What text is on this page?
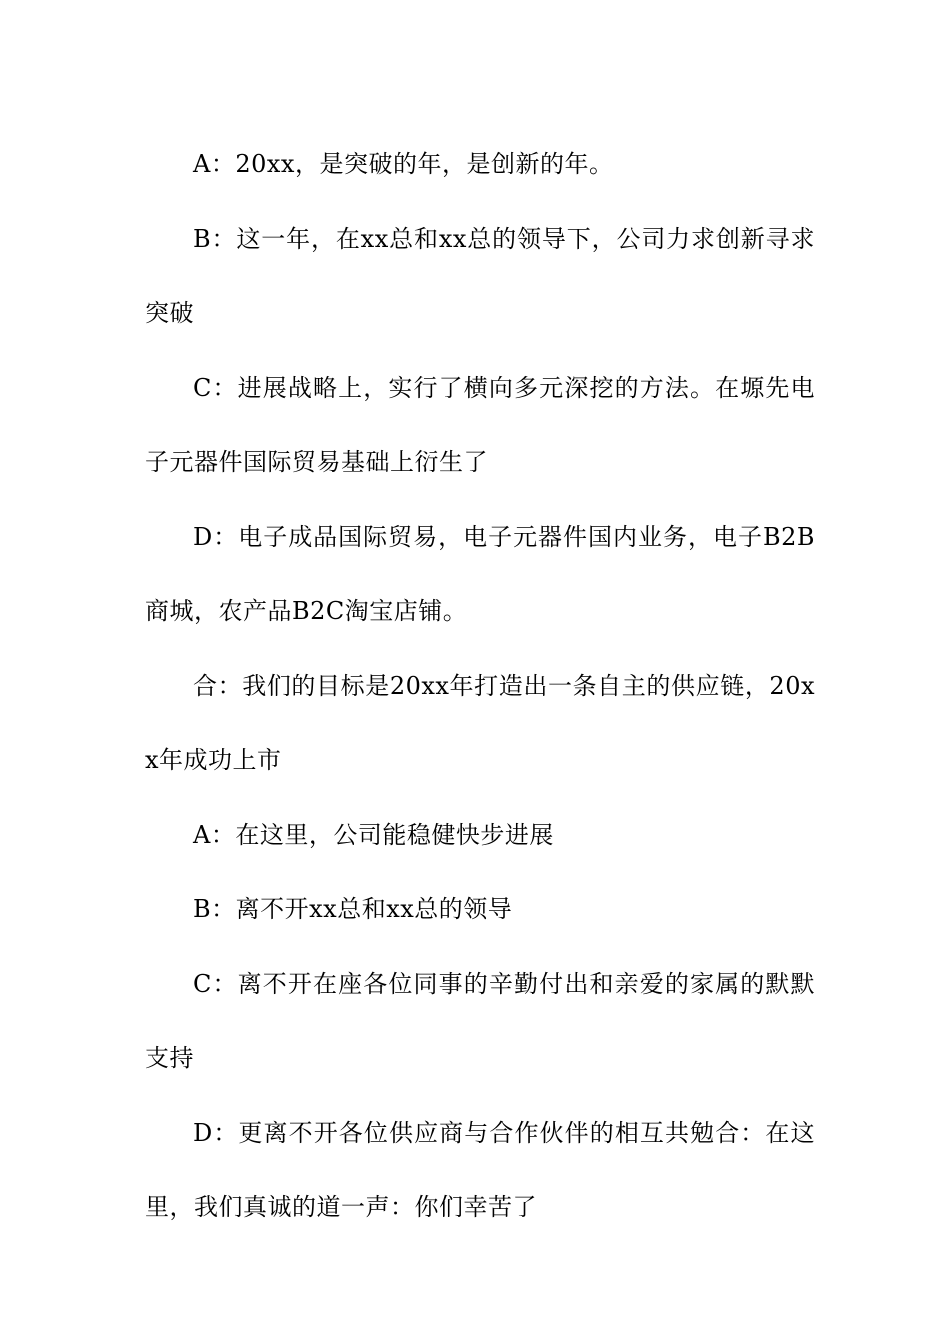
A：20xx，是突破的年，是创新的年。

B：这一年，在xx总和xx总的领导下，公司力求创新寻求突破

C：进展战略上，实行了横向多元深挖的方法。在塬先电子元器件国际贸易基础上衍生了

D：电子成品国际贸易，电子元器件国内业务，电子B2B商城，农产品B2C淘宝店铺。

合：我们的目标是20xx年打造出一条自主的供应链，20xx年成功上市

A：在这里，公司能稳健快步进展

B：离不开xx总和xx总的领导

C：离不开在座各位同事的辛勤付出和亲爱的家属的默默支持

D：更离不开各位供应商与合作伙伴的相互共勉合：在这里，我们真诚的道一声：你们幸苦了
